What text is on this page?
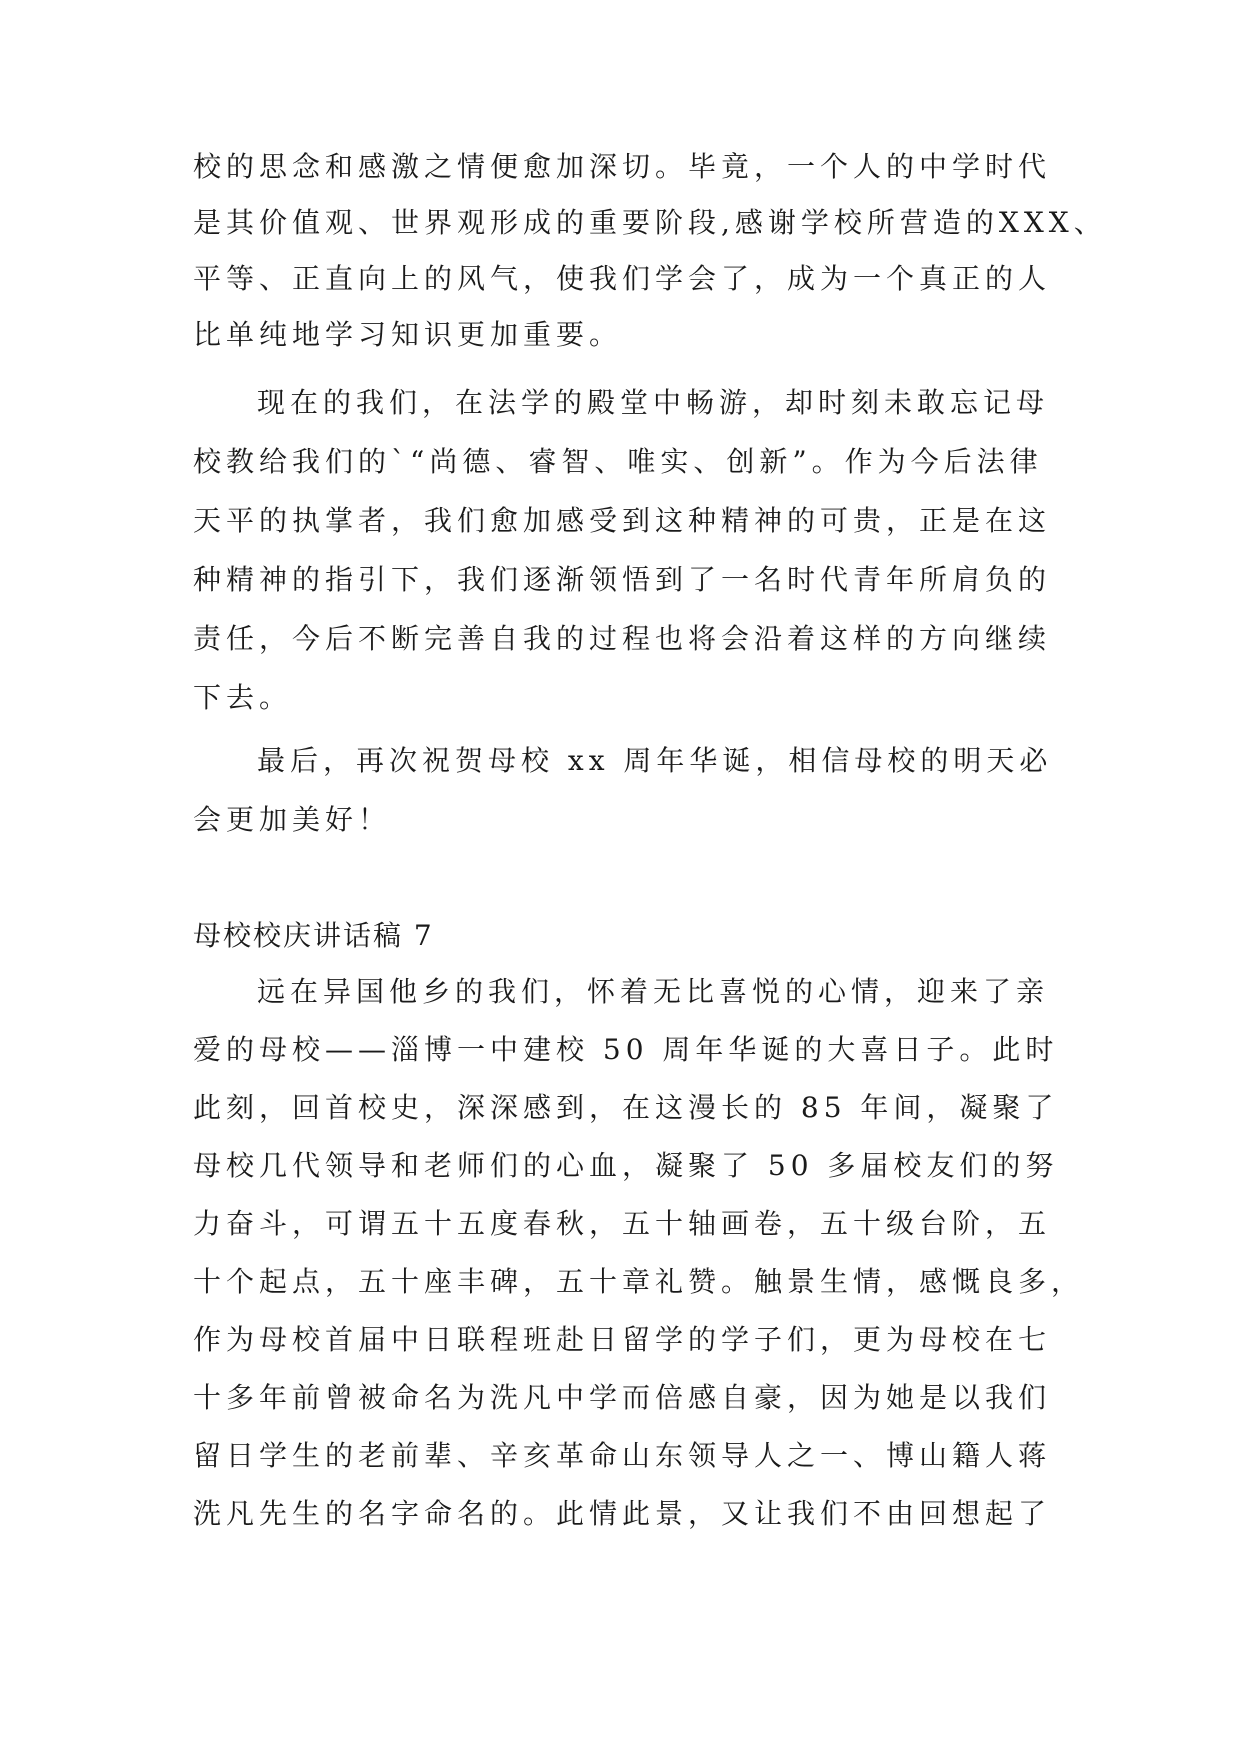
校的思念和感激之情便愈加深切。毕竟，一个人的中学时代
是其价值观、世界观形成的重要阶段,感谢学校所营造的XXX、
平等、正直向上的风气，使我们学会了，成为一个真正的人
比单纯地学习知识更加重要。
现在的我们，在法学的殿堂中畅游，却时刻未敢忘记母
校教给我们的`“尚德、睿智、唯实、创新”。作为今后法律
天平的执掌者，我们愈加感受到这种精神的可贵，正是在这
种精神的指引下，我们逐渐领悟到了一名时代青年所肩负的
责任，今后不断完善自我的过程也将会沿着这样的方向继续
下去。
最后，再次祝贺母校 xx 周年华诞，相信母校的明天必
会更加美好！
母校校庆讲话稿 7
远在异国他乡的我们，怀着无比喜悦的心情，迎来了亲
爱的母校——淄博一中建校 50 周年华诞的大喜日子。此时
此刻，回首校史，深深感到，在这漫长的 85 年间，凝聚了
母校几代领导和老师们的心血，凝聚了 50 多届校友们的努
力奋斗，可谓五十五度春秋，五十轴画卷，五十级台阶，五
十个起点，五十座丰碑，五十章礼赞。触景生情，感慨良多，
作为母校首届中日联程班赴日留学的学子们，更为母校在七
十多年前曾被命名为洗凡中学而倍感自豪，因为她是以我们
留日学生的老前辈、辛亥革命山东领导人之一、博山籍人蒋
洗凡先生的名字命名的。此情此景，又让我们不由回想起了
